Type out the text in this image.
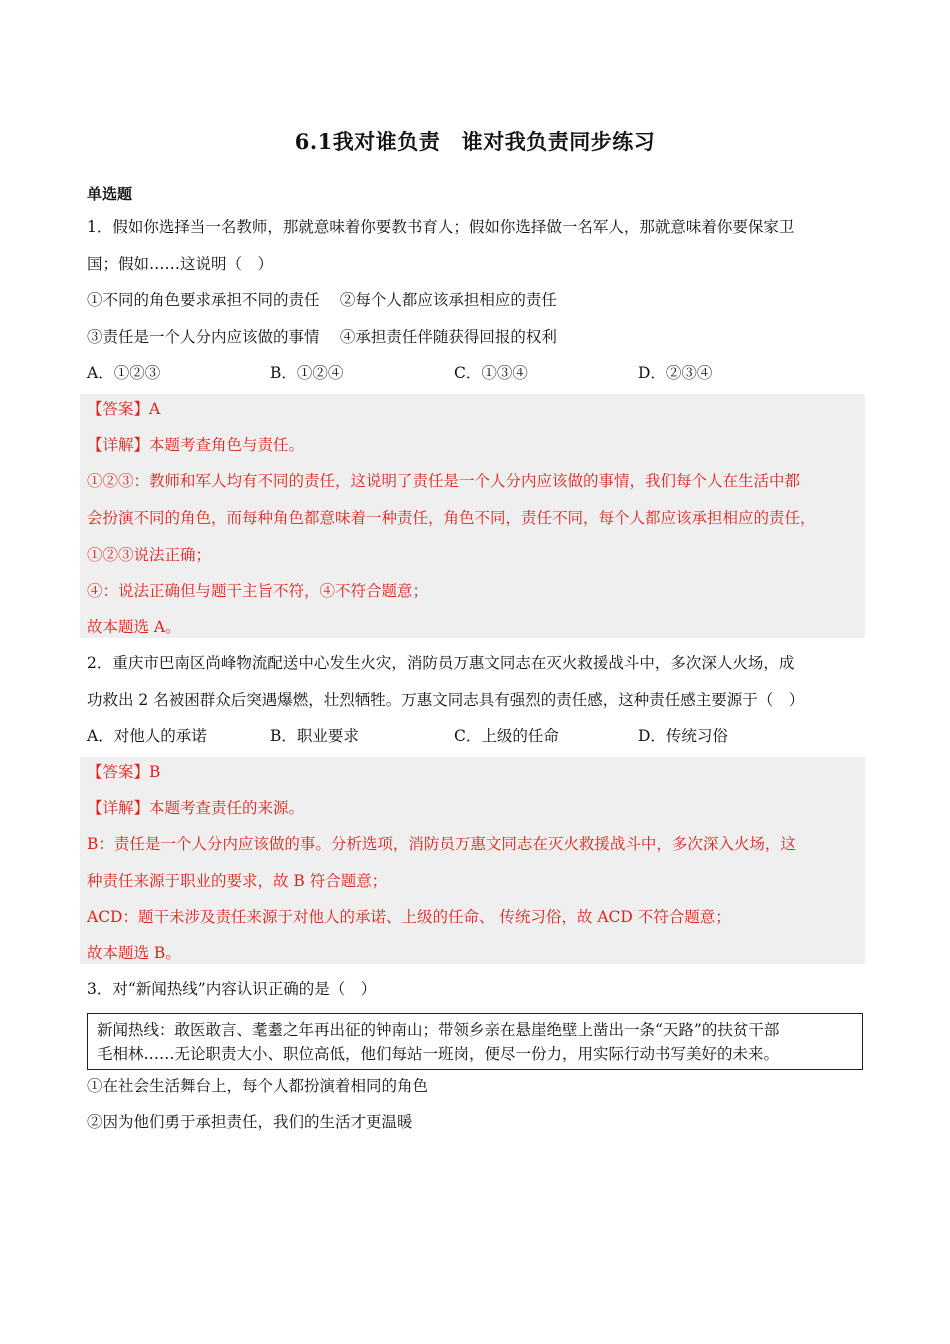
6.1我对谁负责　谁对我负责同步练习
单选题
1．假如你选择当一名教师，那就意味着你要教书育人；假如你选择做一名军人，那就意味着你要保家卫
国；假如……这说明（　）
①不同的角色要求承担不同的责任　 ②每个人都应该承担相应的责任
③责任是一个人分内应该做的事情　 ④承担责任伴随获得回报的权利
A．①②③	B．①②④	C．①③④	D．②③④
【答案】A
【详解】本题考查角色与责任。
①②③：教师和军人均有不同的责任，这说明了责任是一个人分内应该做的事情，我们每个人在生活中都
会扮演不同的角色，而每种角色都意味着一种责任，角色不同，责任不同，每个人都应该承担相应的责任，
①②③说法正确；
④：说法正确但与题干主旨不符，④不符合题意；
故本题选 A。
2．重庆市巴南区尚峰物流配送中心发生火灾，消防员万惠文同志在灭火救援战斗中，多次深人火场，成
功救出 2 名被困群众后突遇爆燃，壮烈牺牲。万惠文同志具有强烈的责任感，这种责任感主要源于（　）
A．对他人的承诺	B．职业要求	C．上级的任命	D．传统习俗
【答案】B
【详解】本题考查责任的来源。
B：责任是一个人分内应该做的事。分析选项，消防员万惠文同志在灭火救援战斗中，多次深入火场，这
种责任来源于职业的要求，故 B 符合题意；
ACD：题干未涉及责任来源于对他人的承诺、上级的任命、 传统习俗，故 ACD 不符合题意；
故本题选 B。
3．对“新闻热线”内容认识正确的是（　）
新闻热线：敢医敢言、耄耋之年再出征的钟南山；带领乡亲在悬崖绝壁上凿出一条“天路”的扶贫干部
毛相林……无论职责大小、职位高低，他们每站一班岗，便尽一份力，用实际行动书写美好的未来。
①在社会生活舞台上，每个人都扮演着相同的角色
②因为他们勇于承担责任，我们的生活才更温暖
